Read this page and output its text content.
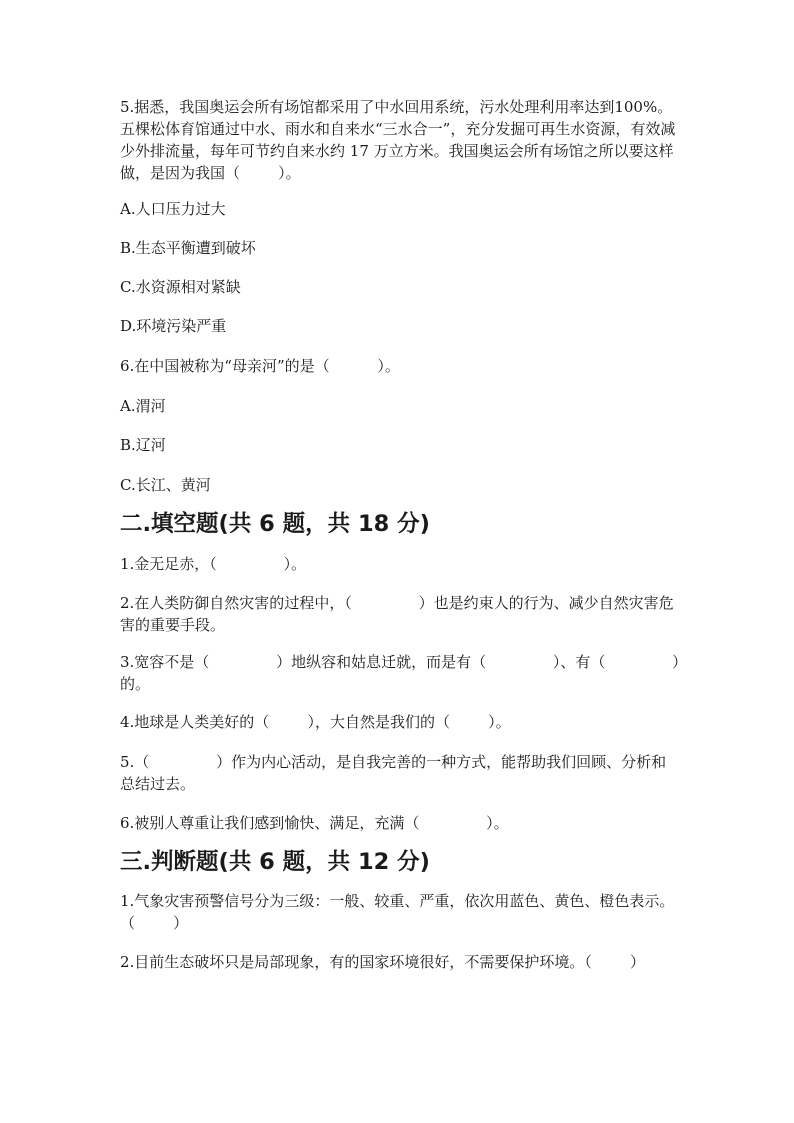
5.据悉，我国奥运会所有场馆都采用了中水回用系统，污水处理利用率达到100%。五棵松体育馆通过中水、雨水和自来水“三水合一”，充分发掘可再生水资源，有效减少外排流量，每年可节约自来水约 17 万立方米。我国奥运会所有场馆之所以要这样做，是因为我国（        ）。

A.人口压力过大

B.生态平衡遭到破坏

C.水资源相对紧缺

D.环境污染严重

6.在中国被称为“母亲河”的是（          ）。

A.渭河

B.辽河

C.长江、黄河

二.填空题(共 6 题，共 18 分)

1.金无足赤，（              ）。

2.在人类防御自然灾害的过程中，（              ）也是约束人的行为、减少自然灾害危害的重要手段。

3.宽容不是（              ）地纵容和姑息迁就，而是有（              ）、有（              ）的。

4.地球是人类美好的（        ），大自然是我们的（        ）。

5.（              ）作为内心活动，是自我完善的一种方式，能帮助我们回顾、分析和总结过去。

6.被别人尊重让我们感到愉快、满足，充满（              ）。

三.判断题(共 6 题，共 12 分)

1.气象灾害预警信号分为三级：一般、较重、严重，依次用蓝色、黄色、橙色表示。（        ）

2.目前生态破坏只是局部现象，有的国家环境很好，不需要保护环境。（        ）
